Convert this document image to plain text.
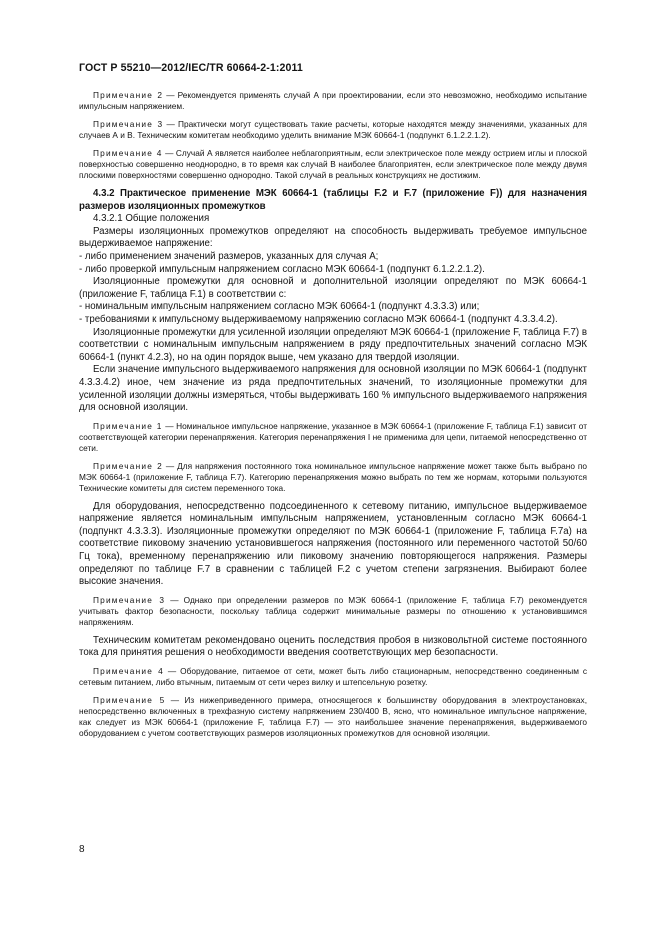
ГОСТ Р 55210—2012/IEC/TR 60664-2-1:2011

Примечание 2 — Рекомендуется применять случай А при проектировании, если это невозможно, необходимо испытание импульсным напряжением.

Примечание 3 — Практически могут существовать такие расчеты, которые находятся между значениями, указанных для случаев А и В. Техническим комитетам необходимо уделить внимание МЭК 60664-1 (подпункт 6.1.2.2.1.2).

Примечание 4 — Случай А является наиболее неблагоприятным, если электрическое поле между острием иглы и плоской поверхностью совершенно неоднородно, в то время как случай В наиболее благоприятен, если электрическое поле между двумя плоскими поверхностями совершенно однородно. Такой случай в реальных конструкциях не достижим.

4.3.2 Практическое применение МЭК 60664-1 (таблицы F.2 и F.7 (приложение F)) для назначения размеров изоляционных промежутков

4.3.2.1 Общие положения

Размеры изоляционных промежутков определяют на способность выдерживать требуемое импульсное выдерживаемое напряжение:

- либо применением значений размеров, указанных для случая А;

- либо проверкой импульсным напряжением согласно МЭК 60664-1 (подпункт 6.1.2.2.1.2).

Изоляционные промежутки для основной и дополнительной изоляции определяют по МЭК 60664-1 (приложение F, таблица F.1) в соответствии с:

- номинальным импульсным напряжением согласно МЭК 60664-1 (подпункт 4.3.3.3) или;

- требованиями к импульсному выдерживаемому напряжению согласно МЭК 60664-1 (подпункт 4.3.3.4.2).

Изоляционные промежутки для усиленной изоляции определяют МЭК 60664-1 (приложение F, таблица F.7) в соответствии с номинальным импульсным напряжением в ряду предпочтительных значений согласно МЭК 60664-1 (пункт 4.2.3), но на один порядок выше, чем указано для твердой изоляции.

Если значение импульсного выдерживаемого напряжения для основной изоляции по МЭК 60664-1 (подпункт 4.3.3.4.2) иное, чем значение из ряда предпочтительных значений, то изоляционные промежутки для усиленной изоляции должны измеряться, чтобы выдерживать 160 % импульсного выдерживаемого напряжения для основной изоляции.

Примечание 1 — Номинальное импульсное напряжение, указанное в МЭК 60664-1 (приложение F, таблица F.1) зависит от соответствующей категории перенапряжения. Категория перенапряжения I не применима для цепи, питаемой непосредственно от сети.

Примечание 2 — Для напряжения постоянного тока номинальное импульсное напряжение может также быть выбрано по МЭК 60664-1 (приложение F, таблица F.7). Категорию перенапряжения можно выбрать по тем же нормам, которыми пользуются Технические комитеты для систем переменного тока.

Для оборудования, непосредственно подсоединенного к сетевому питанию, импульсное выдерживаемое напряжение является номинальным импульсным напряжением, установленным согласно МЭК 60664-1 (подпункт 4.3.3.3). Изоляционные промежутки определяют по МЭК 60664-1 (приложение F, таблица F.7а) на соответствие пиковому значению установившегося напряжения (постоянного или переменного частотой 50/60 Гц тока), временному перенапряжению или пиковому значению повторяющегося напряжения. Размеры определяют по таблице F.7 в сравнении с таблицей F.2 с учетом степени загрязнения. Выбирают более высокие значения.

Примечание 3 — Однако при определении размеров по МЭК 60664-1 (приложение F, таблица F.7) рекомендуется учитывать фактор безопасности, поскольку таблица содержит минимальные размеры по отношению к установившимся напряжениям.

Техническим комитетам рекомендовано оценить последствия пробоя в низковольтной системе постоянного тока для принятия решения о необходимости введения соответствующих мер безопасности.

Примечание 4 — Оборудование, питаемое от сети, может быть либо стационарным, непосредственно соединенным с сетевым питанием, либо втычным, питаемым от сети через вилку и штепсельную розетку.

Примечание 5 — Из нижеприведенного примера, относящегося к большинству оборудования в электроустановках, непосредственно включенных в трехфазную систему напряжением 230/400 В, ясно, что номинальное импульсное напряжение, как следует из МЭК 60664-1 (приложение F, таблица F.7) — это наибольшее значение перенапряжения, выдерживаемого оборудованием с учетом соответствующих размеров изоляционных промежутков для основной изоляции.

8
